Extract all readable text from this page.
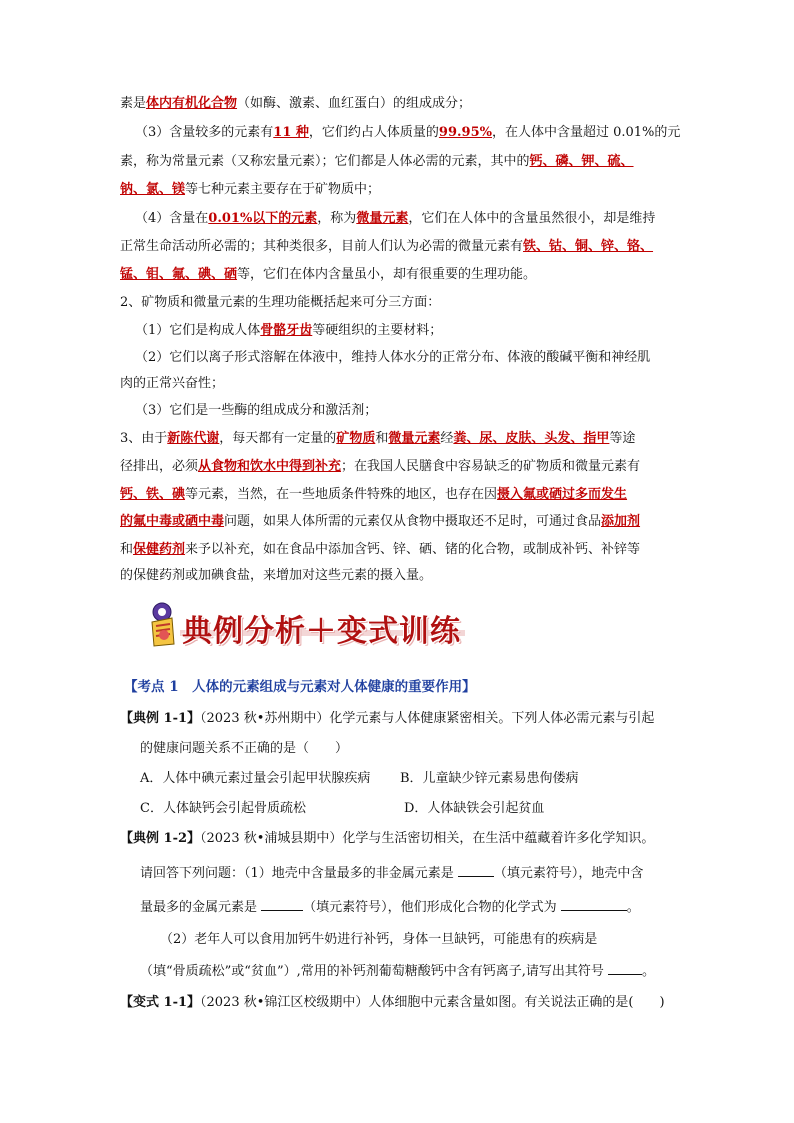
素是体内有机化合物（如酶、激素、血红蛋白）的组成成分；
（3）含量较多的元素有11 种，它们约占人体质量的99.95%，在人体中含量超过 0.01%的元
素，称为常量元素（又称宏量元素）；它们都是人体必需的元素，其中的钙、磷、钾、硫、
钠、氯、镁等七种元素主要存在于矿物质中；
（4）含量在0.01%以下的元素，称为微量元素，它们在人体中的含量虽然很小，却是维持
正常生命活动所必需的；其种类很多，目前人们认为必需的微量元素有铁、钴、铜、锌、铬、
锰、钼、氟、碘、硒等，它们在体内含量虽小，却有很重要的生理功能。
2、矿物质和微量元素的生理功能概括起来可分三方面：
（1）它们是构成人体骨骼牙齿等硬组织的主要材料；
（2）它们以离子形式溶解在体液中，维持人体水分的正常分布、体液的酸碱平衡和神经肌
肉的正常兴奋性；
（3）它们是一些酶的组成成分和激活剂；
3、由于新陈代谢，每天都有一定量的矿物质和微量元素经粪、尿、皮肤、头发、指甲等途
径排出，必须从食物和饮水中得到补充；在我国人民膳食中容易缺乏的矿物质和微量元素有
钙、铁、碘等元素，当然，在一些地质条件特殊的地区，也存在因摄入氟或硒过多而发生
的氟中毒或硒中毒问题，如果人体所需的元素仅从食物中摄取还不足时，可通过食品添加剂
和保健药剂来予以补充，如在食品中添加含钙、锌、硒、锗的化合物，或制成补钙、补锌等
的保健药剂或加碘食盐，来增加对这些元素的摄入量。
典例分析＋变式训练
【考点 1　人体的元素组成与元素对人体健康的重要作用】
【典例 1-1】（2023 秋•苏州期中）化学元素与人体健康紧密相关。下列人体必需元素与引起
的健康问题关系不正确的是（　　）
A．人体中碘元素过量会引起甲状腺疾病 B．儿童缺少锌元素易患佝偻病
C．人体缺钙会引起骨质疏松	D．人体缺铁会引起贫血
【典例 1-2】（2023 秋•浦城县期中）化学与生活密切相关，在生活中蕴藏着许多化学知识。
请回答下列问题：（1）地壳中含量最多的非金属元素是	（填元素符号），地壳中含
量最多的金属元素是	（填元素符号），他们形成化合物的化学式为	。
（2）老年人可以食用加钙牛奶进行补钙，身体一旦缺钙，可能患有的疾病是
（填“骨质疏松”或“贫血”）,常用的补钙剂葡萄糖酸钙中含有钙离子,请写出其符号	。
【变式 1-1】（2023 秋•锦江区校级期中）人体细胞中元素含量如图。有关说法正确的是(　　)
